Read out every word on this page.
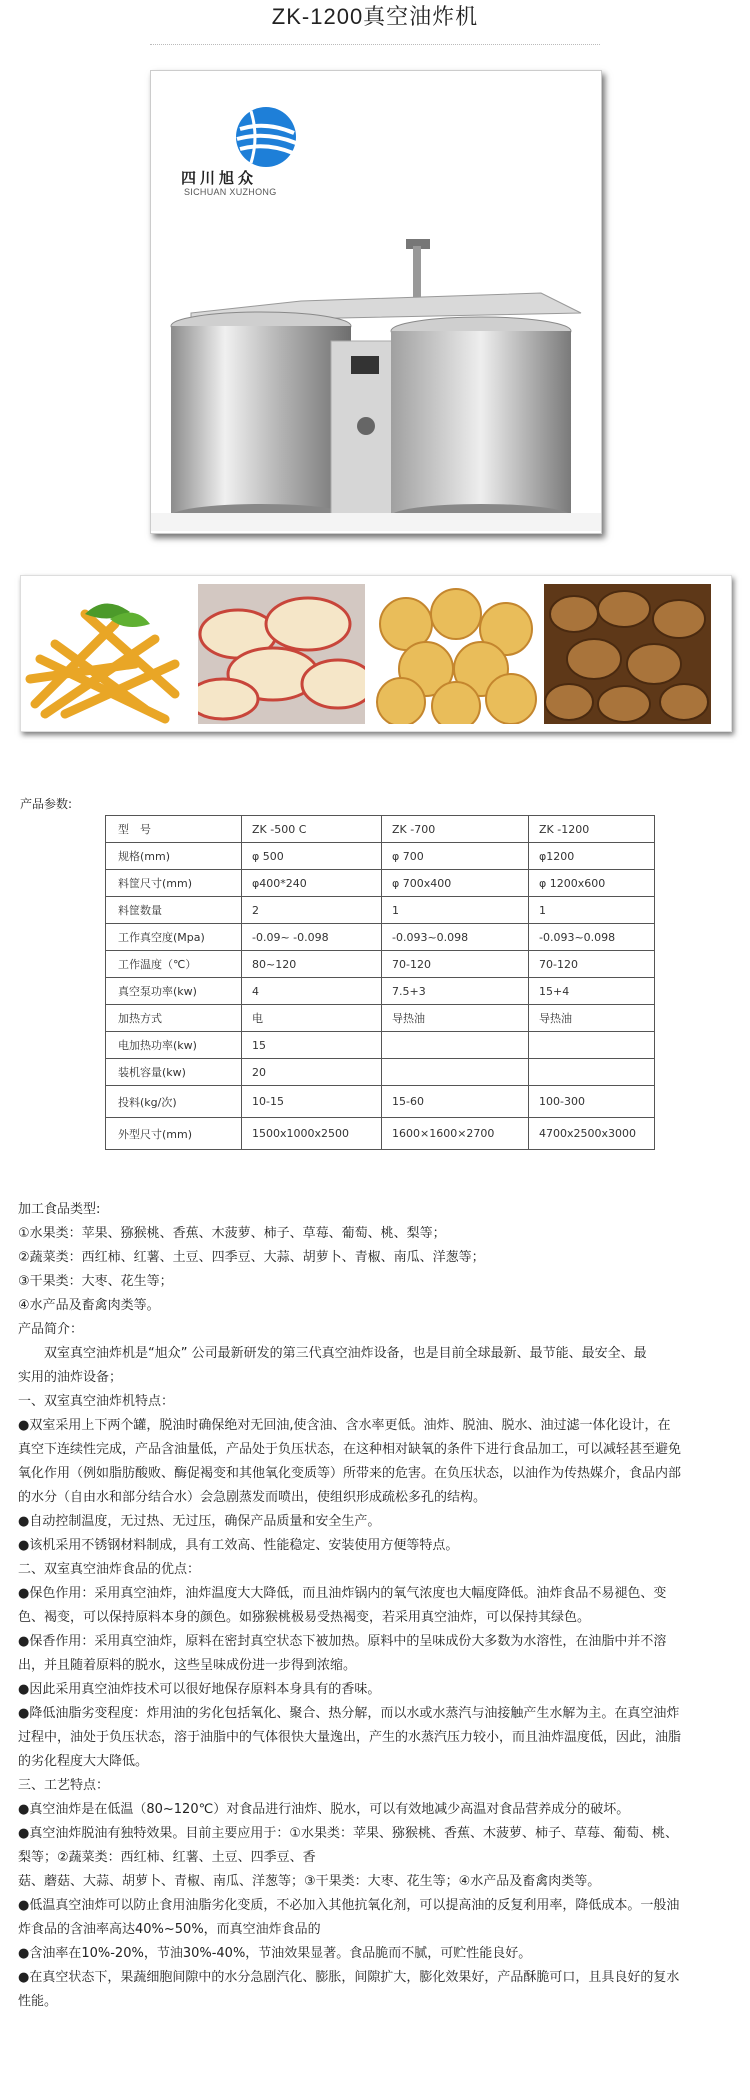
ZK-1200真空油炸机
四川旭众
SICHUAN XUZHONG
产品参数:
型　号	ZK -500 C	ZK -700	ZK -1200
规格(mm)	φ 500	φ 700	φ1200
料筐尺寸(mm)	φ400*240	φ 700x400	φ 1200x600
料筐数量	2	1	1
工作真空度(Mpa)	-0.09~ -0.098	-0.093~0.098	-0.093~0.098
工作温度（℃）	80~120	70-120	70-120
真空泵功率(kw)	4	7.5+3	15+4
加热方式	电	导热油	导热油
电加热功率(kw)	15		
装机容量(kw)	20		
投料(kg/次)	10-15	15-60	100-300
外型尺寸(mm)	1500x1000x2500	1600×1600×2700	4700x2500x3000

加工食品类型:

①水果类：苹果、猕猴桃、香蕉、木菠萝、柿子、草莓、葡萄、桃、梨等；

②蔬菜类：西红柿、红薯、土豆、四季豆、大蒜、胡萝卜、青椒、南瓜、洋葱等；

③干果类：大枣、花生等；

④水产品及畜禽肉类等。

产品简介：

　　双室真空油炸机是“旭众” 公司最新研发的第三代真空油炸设备，也是目前全球最新、最节能、最安全、最

实用的油炸设备；

一、双室真空油炸机特点：

●双室采用上下两个罐，脱油时确保绝对无回油,使含油、含水率更低。油炸、脱油、脱水、油过滤一体化设计，在

真空下连续性完成，产品含油量低，产品处于负压状态，在这种相对缺氧的条件下进行食品加工，可以减轻甚至避免

氧化作用（例如脂肪酸败、酶促褐变和其他氧化变质等）所带来的危害。在负压状态，以油作为传热媒介，食品内部

的水分（自由水和部分结合水）会急剧蒸发而喷出，使组织形成疏松多孔的结构。

●自动控制温度，无过热、无过压，确保产品质量和安全生产。

●该机采用不锈钢材料制成，具有工效高、性能稳定、安装使用方便等特点。

二、双室真空油炸食品的优点：

●保色作用：采用真空油炸，油炸温度大大降低，而且油炸锅内的氧气浓度也大幅度降低。油炸食品不易褪色、变

色、褐变，可以保持原料本身的颜色。如猕猴桃极易受热褐变，若采用真空油炸，可以保持其绿色。

●保香作用：采用真空油炸，原料在密封真空状态下被加热。原料中的呈味成份大多数为水溶性，在油脂中并不溶

出，并且随着原料的脱水，这些呈味成份进一步得到浓缩。

●因此采用真空油炸技术可以很好地保存原料本身具有的香味。

●降低油脂劣变程度：炸用油的劣化包括氧化、聚合、热分解，而以水或水蒸汽与油接触产生水解为主。在真空油炸

过程中，油处于负压状态，溶于油脂中的气体很快大量逸出，产生的水蒸汽压力较小，而且油炸温度低，因此，油脂

的劣化程度大大降低。

三、工艺特点：

●真空油炸是在低温（80~120℃）对食品进行油炸、脱水，可以有效地减少高温对食品营养成分的破坏。

●真空油炸脱油有独特效果。目前主要应用于：①水果类：苹果、猕猴桃、香蕉、木菠萝、柿子、草莓、葡萄、桃、

梨等；②蔬菜类：西红柿、红薯、土豆、四季豆、香

菇、蘑菇、大蒜、胡萝卜、青椒、南瓜、洋葱等；③干果类：大枣、花生等；④水产品及畜禽肉类等。

●低温真空油炸可以防止食用油脂劣化变质，不必加入其他抗氧化剂，可以提高油的反复利用率，降低成本。一般油

炸食品的含油率高达40%~50%，而真空油炸食品的

●含油率在10%-20%，节油30%-40%，节油效果显著。食品脆而不腻，可贮性能良好。

●在真空状态下，果蔬细胞间隙中的水分急剧汽化、膨胀，间隙扩大，膨化效果好，产品酥脆可口，且具良好的复水

性能。
